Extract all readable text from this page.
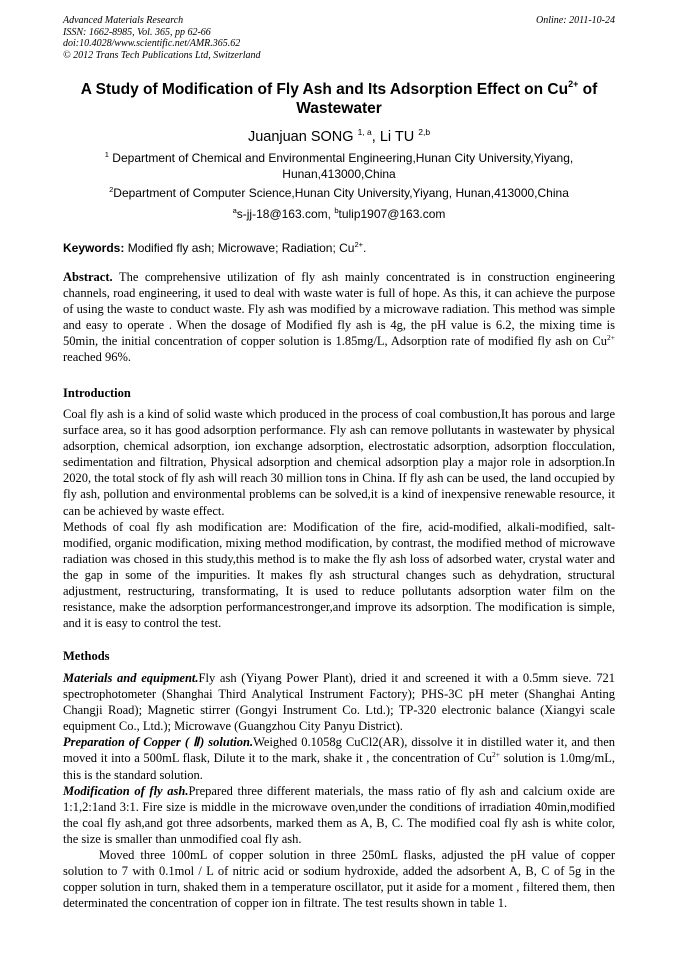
Advanced Materials Research
ISSN: 1662-8985, Vol. 365, pp 62-66
doi:10.4028/www.scientific.net/AMR.365.62
© 2012 Trans Tech Publications Ltd, Switzerland
Online: 2011-10-24
A Study of Modification of Fly Ash and Its Adsorption Effect on $Cu^{2+}$ of Wastewater
Juanjuan SONG $^{1, a}$, Li TU $^{2,b}$
$^1$ Department of Chemical and Environmental Engineering,Hunan City University,Yiyang, Hunan,413000,China
$^2$Department of Computer Science,Hunan City University,Yiyang, Hunan,413000,China
$^a$s-jj-18@163.com, $^b$tulip1907@163.com
Keywords: Modified fly ash; Microwave; Radiation; $Cu^{2+}$.
Abstract. The comprehensive utilization of fly ash mainly concentrated is in construction engineering channels, road engineering, it used to deal with waste water is full of hope. As this, it can achieve the purpose of using the waste to conduct waste. Fly ash was modified by a microwave radiation. This method was simple and easy to operate . When the dosage of Modified fly ash is 4g, the pH value is 6.2, the mixing time is 50min, the initial concentration of copper solution is 1.85mg/L, Adsorption rate of modified fly ash on $Cu^{2+}$ reached 96%.
Introduction
Coal fly ash is a kind of solid waste which produced in the process of coal combustion,It has porous and large surface area, so it has good adsorption performance. Fly ash can remove pollutants in wastewater by physical adsorption, chemical adsorption, ion exchange adsorption, electrostatic adsorption, adsorption flocculation, sedimentation and filtration, Physical adsorption and chemical adsorption play a major role in adsorption.In 2020, the total stock of fly ash will reach 30 million tons in China. If fly ash can be used, the land occupied by fly ash, pollution and environmental problems can be solved,it is a kind of inexpensive renewable resource, it can be achieved by waste effect.
Methods of coal fly ash modification are: Modification of the fire, acid-modified, alkali-modified, salt-modified, organic modification, mixing method modification, by contrast, the modified method of microwave radiation was chosed in this study,this method is to make the fly ash loss of adsorbed water, crystal water and the gap in some of the impurities. It makes fly ash structural changes such as dehydration, structural adjustment, restructuring, transformating, It is used to reduce pollutants adsorption water film on the resistance, make the adsorption performancestronger,and improve its adsorption. The modification is simple, and it is easy to control the test.
Methods
Materials and equipment.Fly ash (Yiyang Power Plant), dried it and screened it with a 0.5mm sieve. 721 spectrophotometer (Shanghai Third Analytical Instrument Factory); PHS-3C pH meter (Shanghai Anting Changji Road); Magnetic stirrer (Gongyi Instrument Co. Ltd.); TP-320 electronic balance (Xiangyi scale equipment Co., Ltd.); Microwave (Guangzhou City Panyu District).
Preparation of Copper ( Ⅱ) solution.Weighed 0.1058g CuCl2(AR), dissolve it in distilled water it, and then moved it into a 500mL flask, Dilute it to the mark, shake it , the concentration of $Cu^{2+}$ solution is 1.0mg/mL, this is the standard solution.
Modification of fly ash.Prepared three different materials, the mass ratio of fly ash and calcium oxide are 1:1,2:1and 3:1. Fire size is middle in the microwave oven,under the conditions of irradiation 40min,modified the coal fly ash,and got three adsorbents, marked them as A, B, C. The modified coal fly ash is white color, the size is smaller than unmodified coal fly ash.
Moved three 100mL of copper solution in three 250mL flasks, adjusted the pH value of copper solution to 7 with 0.1mol / L of nitric acid or sodium hydroxide, added the adsorbent A, B, C of 5g in the copper solution in turn, shaked them in a temperature oscillator, put it aside for a moment , filtered them, then determinated the concentration of copper ion in filtrate. The test results shown in table 1.
